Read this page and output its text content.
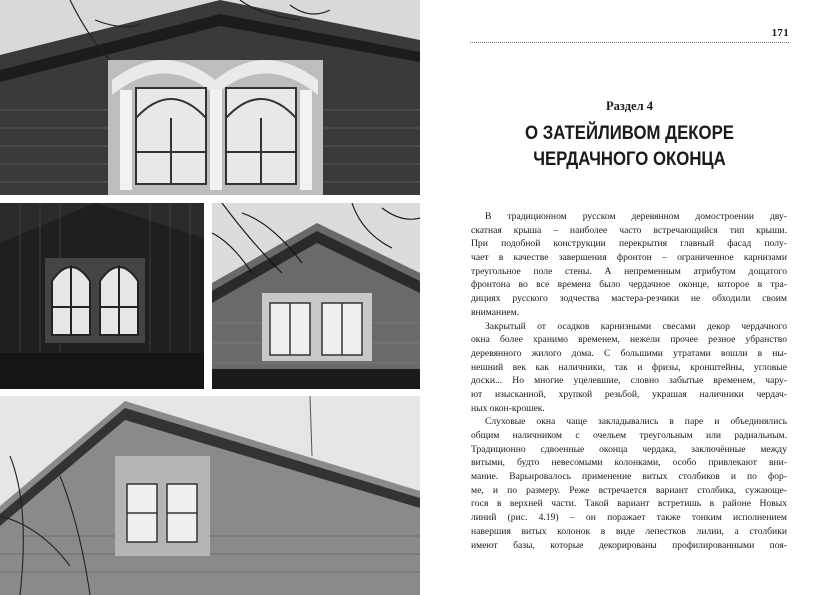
171
Раздел 4
О ЗАТЕЙЛИВОМ ДЕКОРЕ
ЧЕРДАЧНОГО ОКОНЦА
В традиционном русском деревянном домостроении дву-
скатная крыша – наиболее часто встречающийся тип крыши.
При подобной конструкции перекрытия главный фасад полу-
чает в качестве завершения фронтон – ограниченное карнизами
треугольное поле стены. А непременным атрибутом дощатого
фронтона во все времена было чердачное оконце, которое в тра-
дициях русского зодчества мастера-резчики не обходили своим
вниманием.
Закрытый от осадков карнизными свесами декор чердачного
окна более хранимо временем, нежели прочее резное убранство
деревянного жилого дома. С большими утратами вошли в ны-
нешний век как наличники, так и фризы, кронштейны, угловые
доски... Но многие уцелевшие, словно забытые временем, чару-
ют изысканной, хрупкой резьбой, украшая наличники чердач-
ных окон-крошек.
Слуховые окна чаще закладывались в паре и объединялись
общим наличником с очельем треугольным или радиальным.
Традиционно сдвоенные оконца чердака, заключённые между
витыми, будто невесомыми колонками, особо привлекают вни-
мание. Варьировалось применение витых столбиков и по фор-
ме, и по размеру. Реже встречается вариант столбика, сужающе-
гося в верхней части. Такой вариант встретишь в районе Новых
линий (рис. 4.19) – он поражает также тонким исполнением
навершия витых колонок в виде лепестков лилии, а столбики
имеют базы, которые декорированы профилированными поя-
